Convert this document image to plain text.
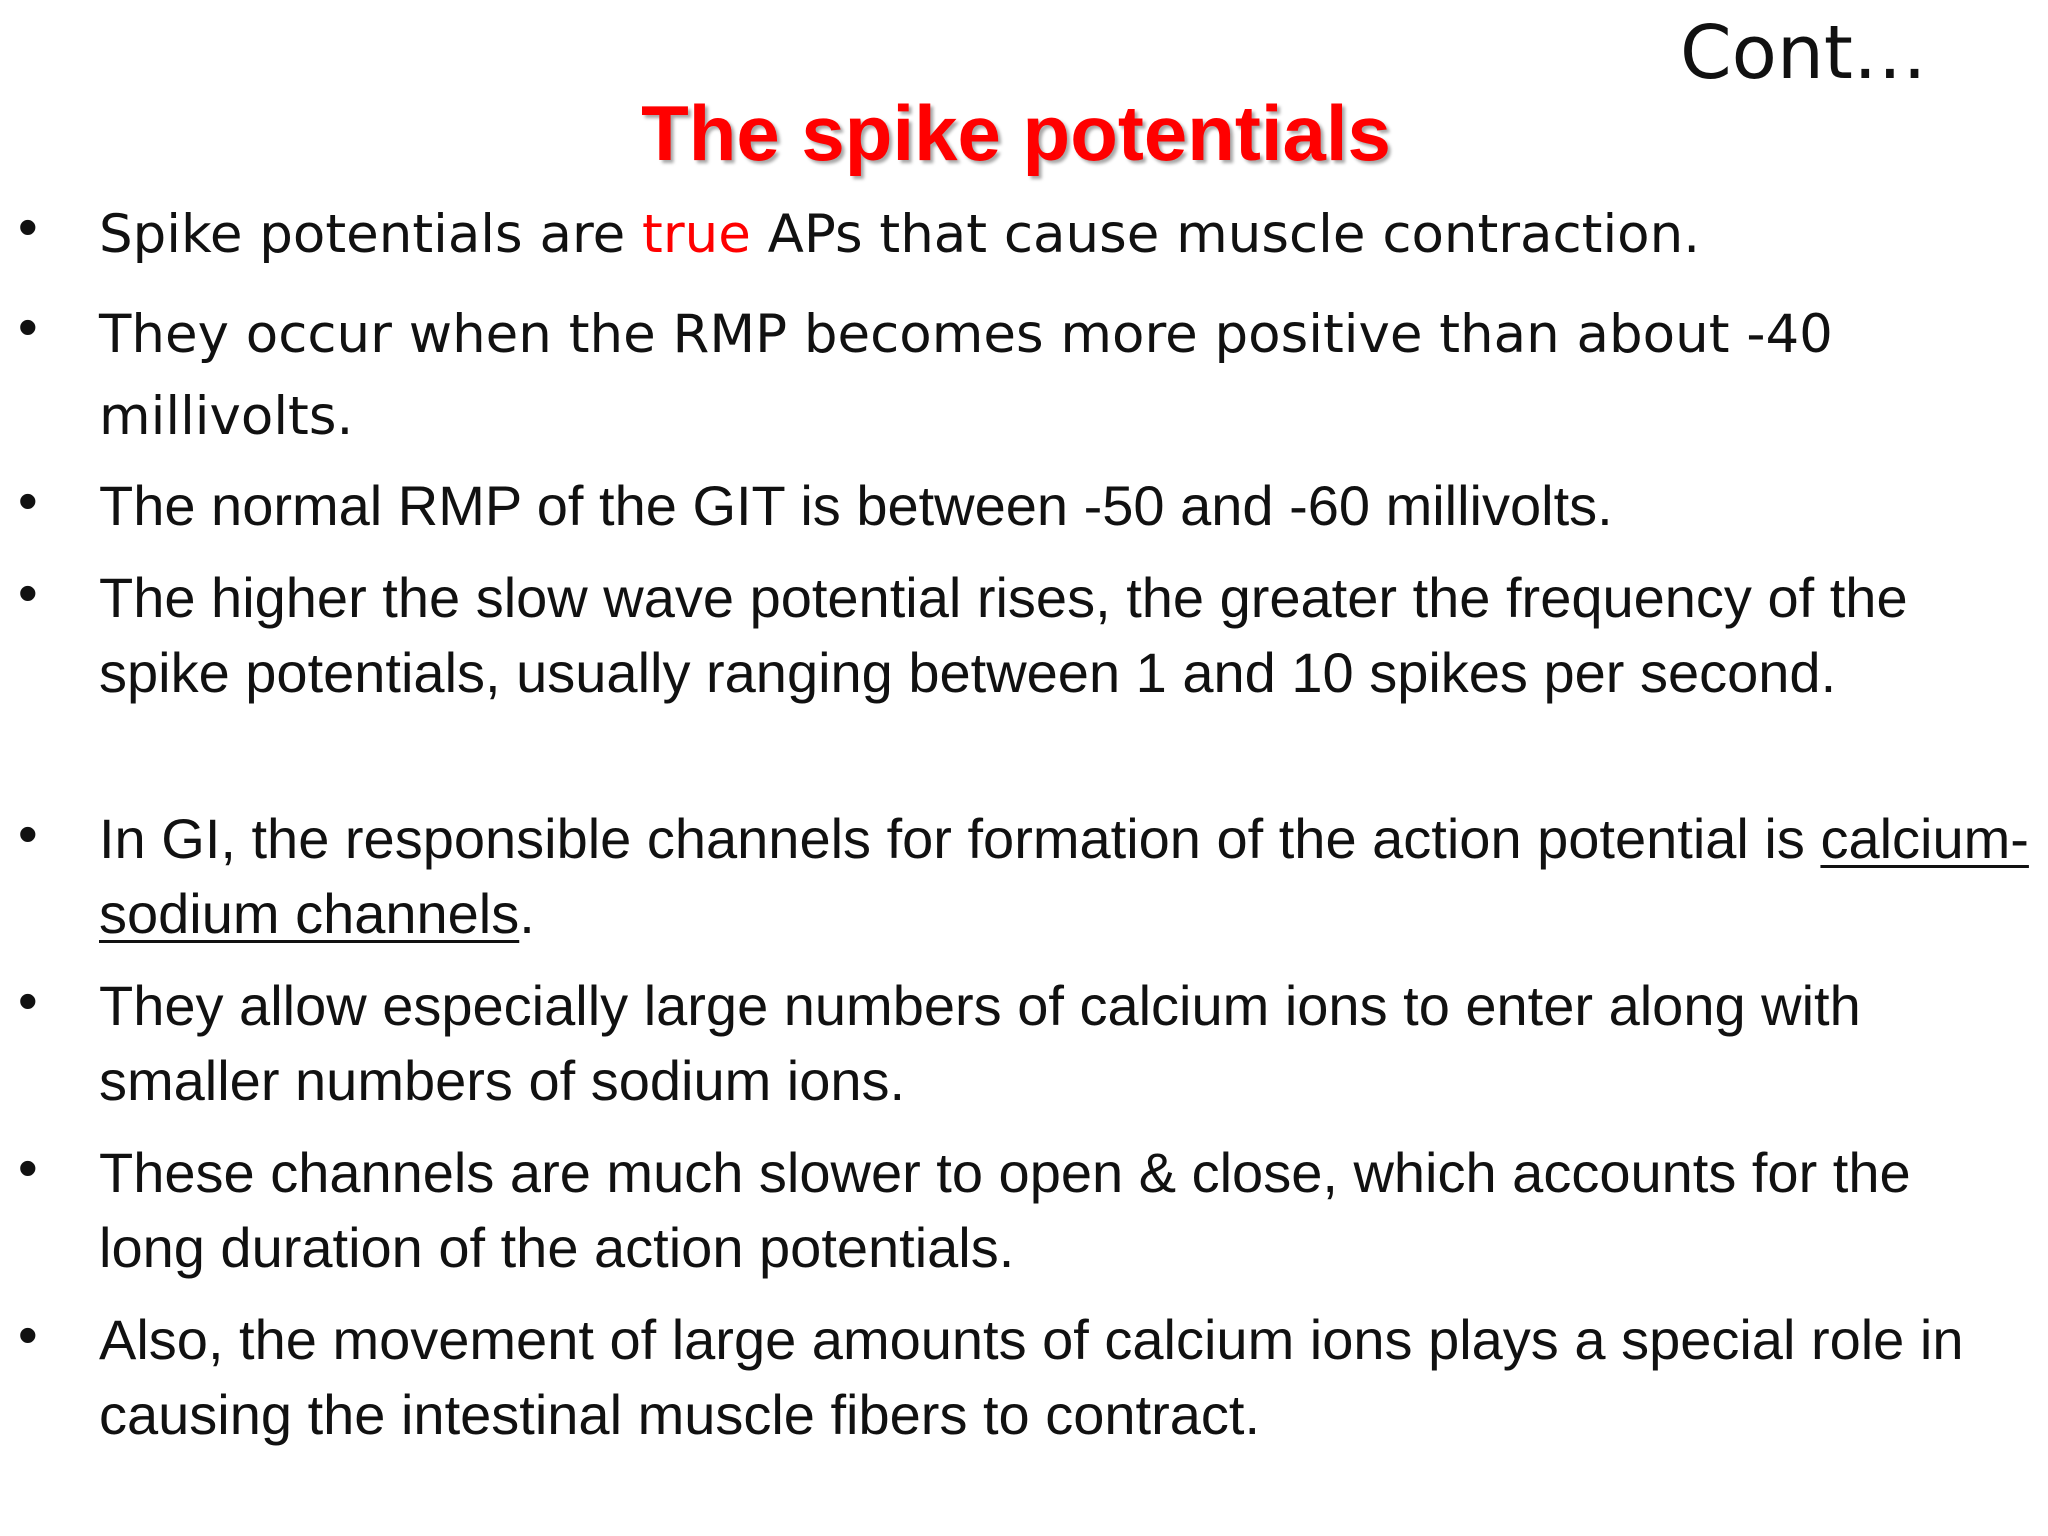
Cont…
The spike potentials
• Spike potentials are true APs that cause muscle contraction.
• They occur when the RMP becomes more positive than about -40 millivolts.
• The normal RMP of the GIT is between -50 and -60 millivolts.
• The higher the slow wave potential rises, the greater the frequency of the spike potentials, usually ranging between 1 and 10 spikes per second.
• In GI, the responsible channels for formation of the action potential is calcium-sodium channels.
• They allow especially large numbers of calcium ions to enter along with smaller numbers of sodium ions.
• These channels are much slower to open & close, which accounts for the long duration of the action potentials.
• Also, the movement of large amounts of calcium ions plays a special role in causing the intestinal muscle fibers to contract.
